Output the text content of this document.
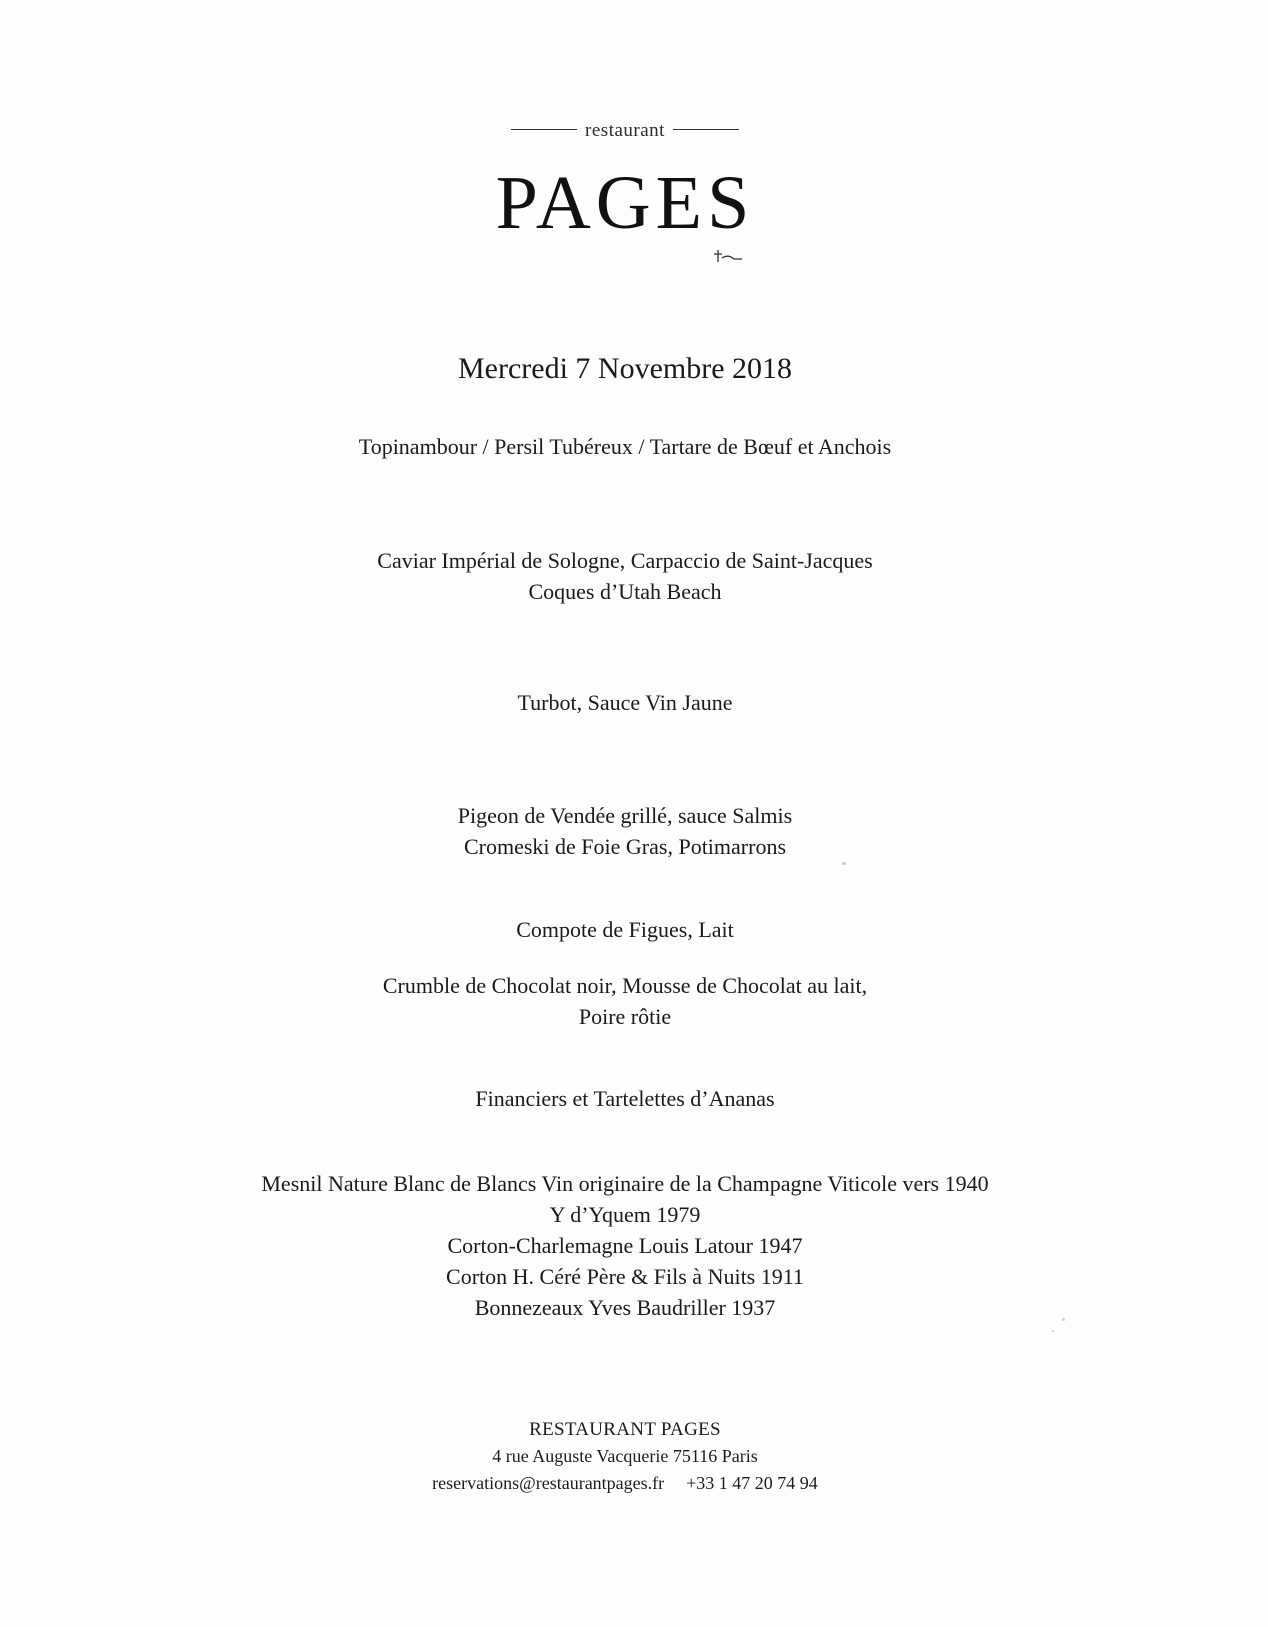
restaurant
PAGES
Mercredi 7 Novembre 2018
Topinambour / Persil Tubéreux / Tartare de Bœuf et Anchois
Caviar Impérial de Sologne, Carpaccio de Saint-Jacques
Coques d’Utah Beach
Turbot, Sauce Vin Jaune
Pigeon de Vendée grillé, sauce Salmis
Cromeski de Foie Gras, Potimarrons
Compote de Figues, Lait
Crumble de Chocolat noir, Mousse de Chocolat au lait,
Poire rôtie
Financiers et Tartelettes d’Ananas
Mesnil Nature Blanc de Blancs Vin originaire de la Champagne Viticole vers 1940
Y d’Yquem 1979
Corton-Charlemagne Louis Latour 1947
Corton H. Céré Père & Fils à Nuits 1911
Bonnezeaux Yves Baudriller 1937
RESTAURANT PAGES
4 rue Auguste Vacquerie 75116 Paris
reservations@restaurantpages.fr +33 1 47 20 74 94
